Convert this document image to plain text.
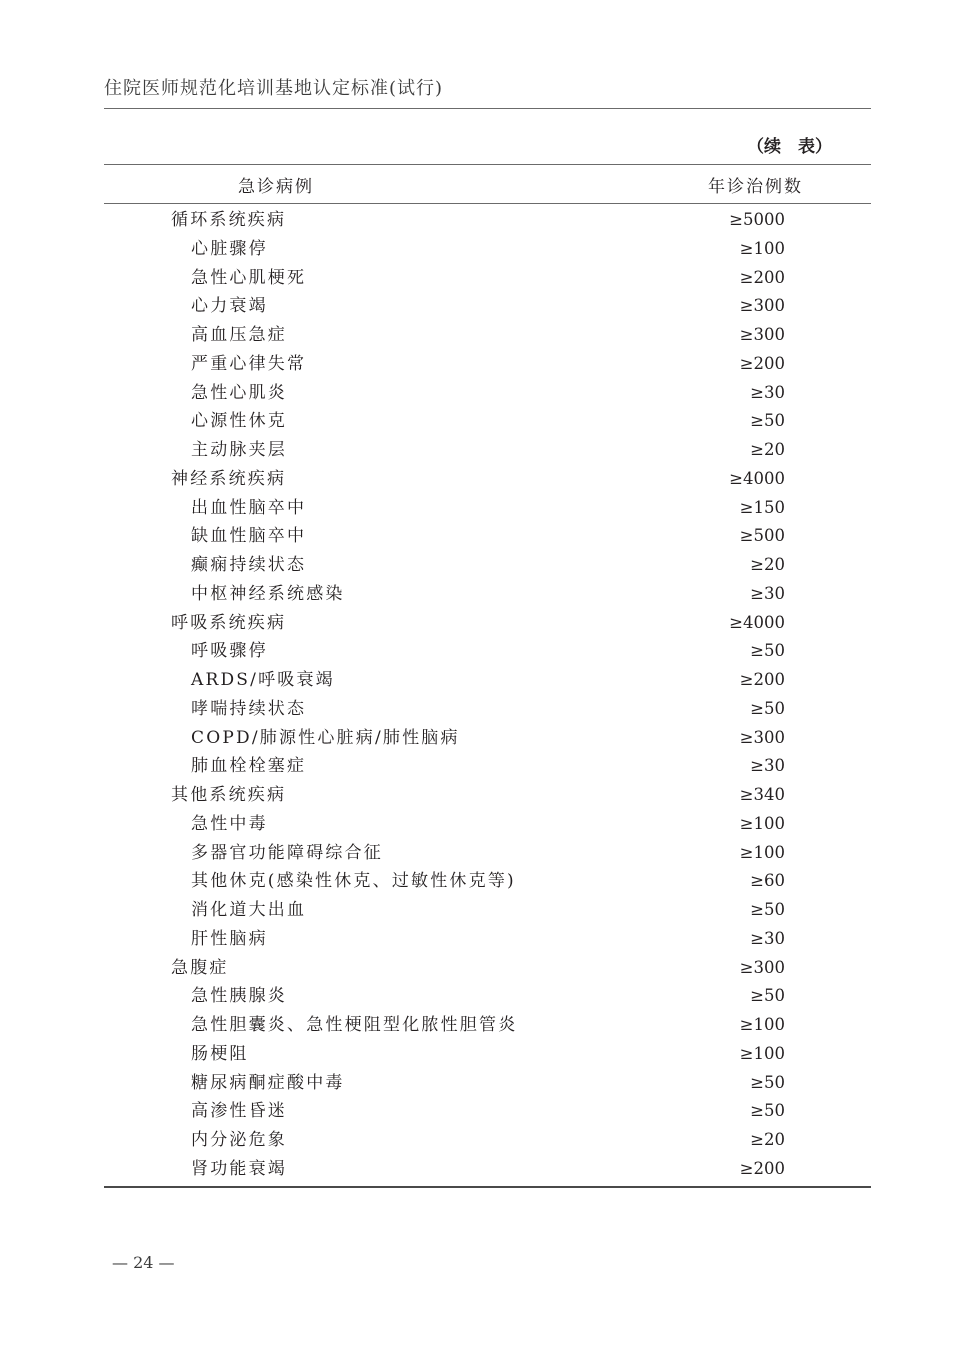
住院医师规范化培训基地认定标准(试行)
（续　表）
急诊病例	年诊治例数
循环系统疾病	≥5000
心脏骤停	≥100
急性心肌梗死	≥200
心力衰竭	≥300
高血压急症	≥300
严重心律失常	≥200
急性心肌炎	≥30
心源性休克	≥50
主动脉夹层	≥20
神经系统疾病	≥4000
出血性脑卒中	≥150
缺血性脑卒中	≥500
癫痫持续状态	≥20
中枢神经系统感染	≥30
呼吸系统疾病	≥4000
呼吸骤停	≥50
ARDS/呼吸衰竭	≥200
哮喘持续状态	≥50
COPD/肺源性心脏病/肺性脑病	≥300
肺血栓栓塞症	≥30
其他系统疾病	≥340
急性中毒	≥100
多器官功能障碍综合征	≥100
其他休克(感染性休克、过敏性休克等)	≥60
消化道大出血	≥50
肝性脑病	≥30
急腹症	≥300
急性胰腺炎	≥50
急性胆囊炎、急性梗阻型化脓性胆管炎	≥100
肠梗阻	≥100
糖尿病酮症酸中毒	≥50
高渗性昏迷	≥50
内分泌危象	≥20
肾功能衰竭	≥200
— 24 —
